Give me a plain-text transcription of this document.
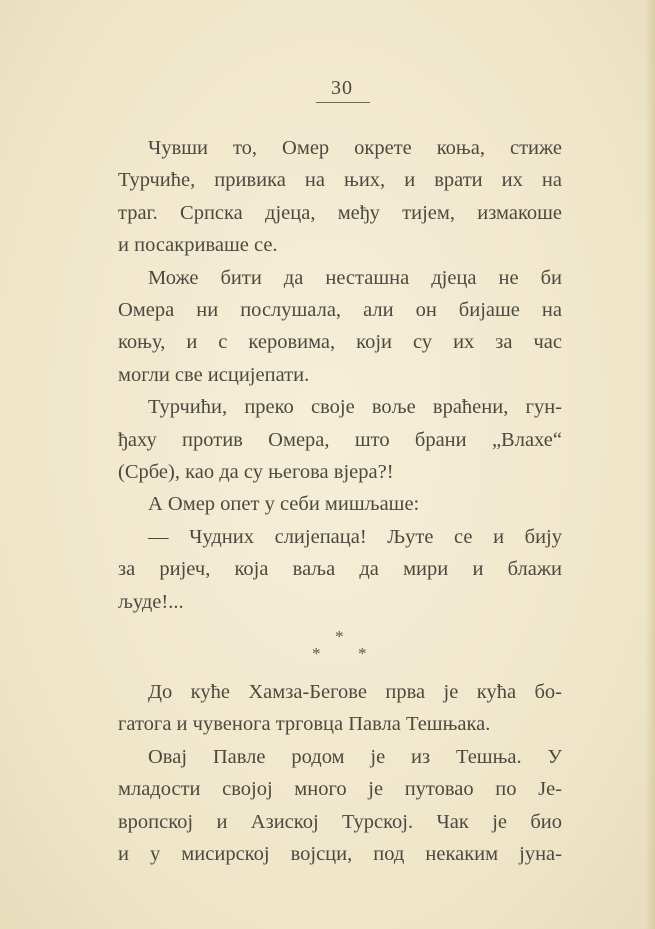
30
Чувши то, Омер окрете коња, стиже
Турчиће, привика на њих, и врати их на
траг. Српска дјеца, међу тијем, измакоше
и посакриваше се.
Може бити да несташна дјеца не би
Омера ни послушала, али он бијаше на
коњу, и с керовима, који су их за час
могли све исцијепати.
Турчићи, преко своје воље враћени, гун-
ђаху против Омера, што брани „Влахе“
(Србе), као да су његова вјера?!
А Омер опет у себи мишљаше:
— Чудних слијепаца! Љуте се и бију
за ријеч, која ваља да мири и блажи
људе!...
*
* *
До куће Хамза-Бегове прва је кућа бо-
гатога и чувенога трговца Павла Тешњака.
Овај Павле родом је из Тешња. У
младости својој много је путовао по Је-
вропској и Азиској Турској. Чак је био
и у мисирској војсци, под некаким јуна-
